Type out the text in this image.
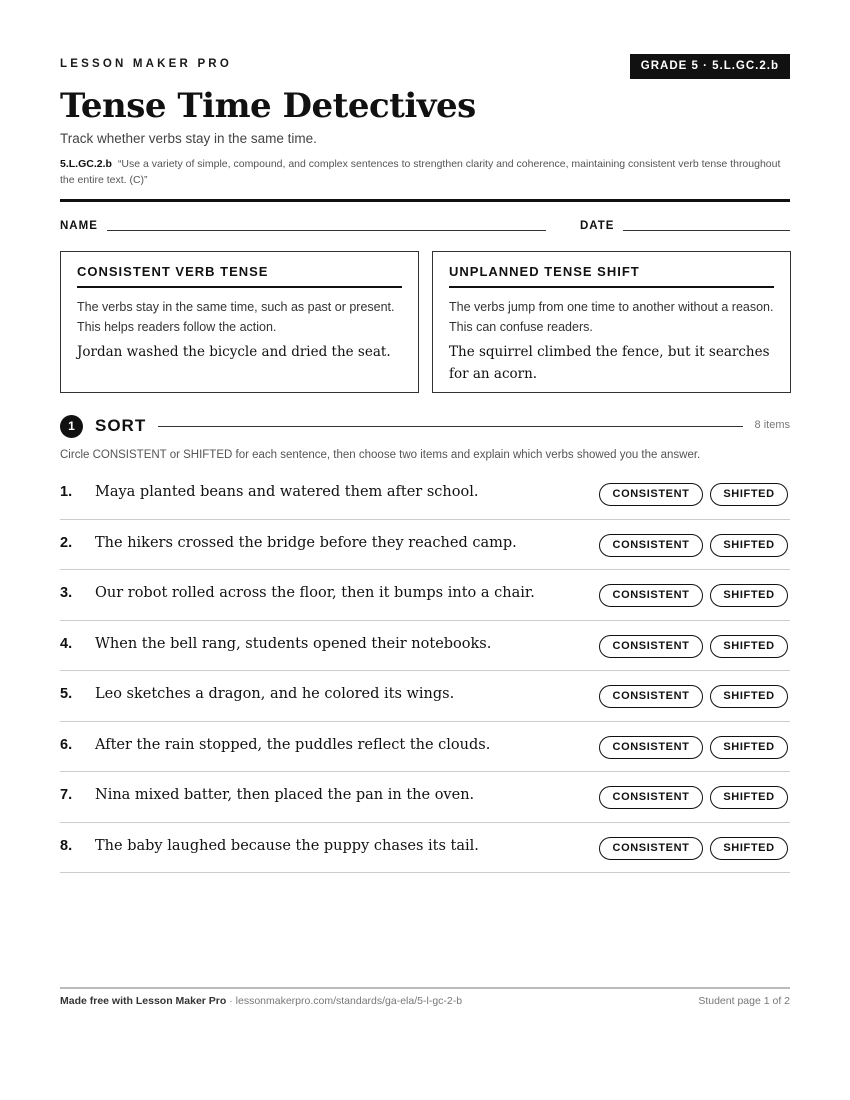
LESSON MAKER PRO	GRADE 5 · 5.L.GC.2.b
Tense Time Detectives
Track whether verbs stay in the same time.
5.L.GC.2.b “Use a variety of simple, compound, and complex sentences to strengthen clarity and coherence, maintaining consistent verb tense throughout the entire text. (C)”
NAME	DATE
CONSISTENT VERB TENSE
The verbs stay in the same time, such as past or present. This helps readers follow the action.
Jordan washed the bicycle and dried the seat.
UNPLANNED TENSE SHIFT
The verbs jump from one time to another without a reason. This can confuse readers.
The squirrel climbed the fence, but it searches for an acorn.
1	SORT	8 items
Circle CONSISTENT or SHIFTED for each sentence, then choose two items and explain which verbs showed you the answer.
1.	Maya planted beans and watered them after school.	CONSISTENT	SHIFTED
2.	The hikers crossed the bridge before they reached camp.	CONSISTENT	SHIFTED
3.	Our robot rolled across the floor, then it bumps into a chair.	CONSISTENT	SHIFTED
4.	When the bell rang, students opened their notebooks.	CONSISTENT	SHIFTED
5.	Leo sketches a dragon, and he colored its wings.	CONSISTENT	SHIFTED
6.	After the rain stopped, the puddles reflect the clouds.	CONSISTENT	SHIFTED
7.	Nina mixed batter, then placed the pan in the oven.	CONSISTENT	SHIFTED
8.	The baby laughed because the puppy chases its tail.	CONSISTENT	SHIFTED
Made free with Lesson Maker Pro · lessonmakerpro.com/standards/ga-ela/5-l-gc-2-b	Student page 1 of 2
